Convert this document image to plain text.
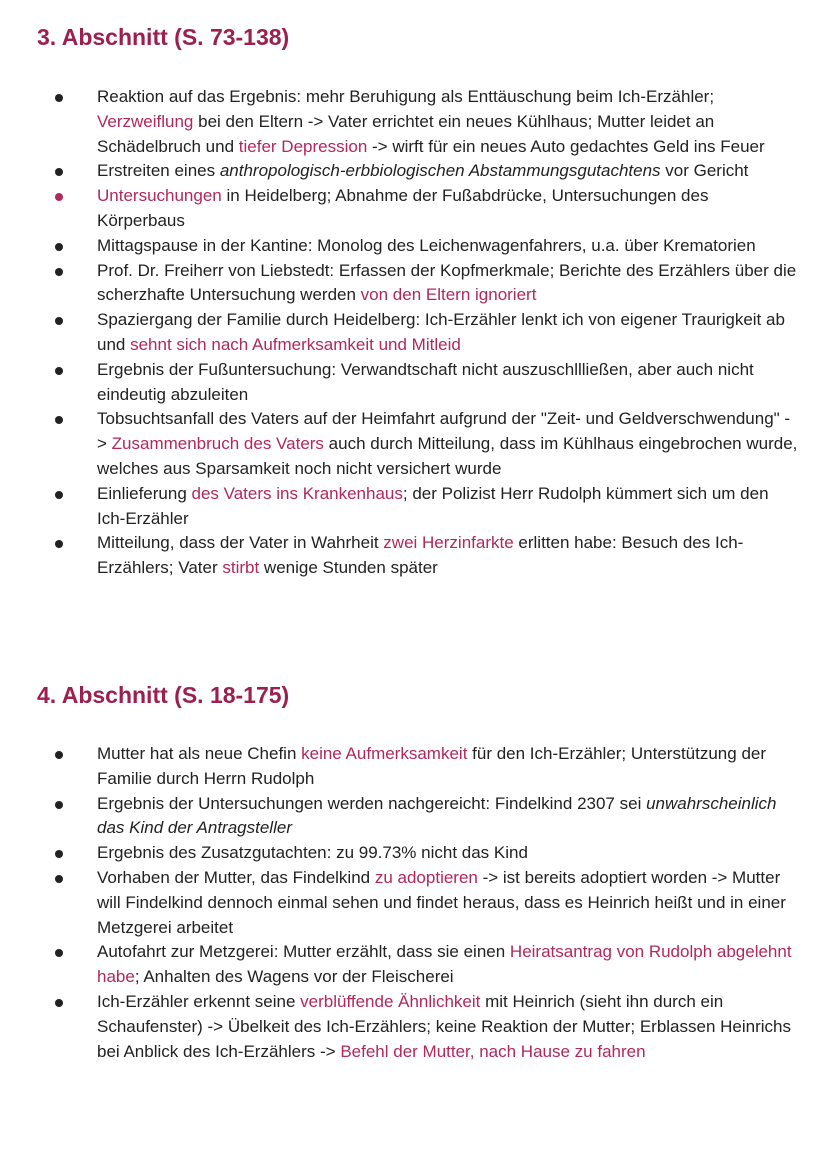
3. Abschnitt (S. 73-138)
Reaktion auf das Ergebnis: mehr Beruhigung als Enttäuschung beim Ich-Erzähler; Verzweiflung bei den Eltern -> Vater errichtet ein neues Kühlhaus; Mutter leidet an Schädelbruch und tiefer Depression -> wirft für ein neues Auto gedachtes Geld ins Feuer
Erstreiten eines anthropologisch-erbbiologischen Abstammungsgutachtens vor Gericht
Untersuchungen in Heidelberg; Abnahme der Fußabdrücke, Untersuchungen des Körperbaus
Mittagspause in der Kantine: Monolog des Leichenwagenfahrers, u.a. über Krematorien
Prof. Dr. Freiherr von Liebstedt: Erfassen der Kopfmerkmale; Berichte des Erzählers über die scherzhafte Untersuchung werden von den Eltern ignoriert
Spaziergang der Familie durch Heidelberg: Ich-Erzähler lenkt ich von eigener Traurigkeit ab und sehnt sich nach Aufmerksamkeit und Mitleid
Ergebnis der Fußuntersuchung: Verwandtschaft nicht auszuschllließen, aber auch nicht eindeutig abzuleiten
Tobsuchtsanfall des Vaters auf der Heimfahrt aufgrund der "Zeit- und Geldverschwendung" -> Zusammenbruch des Vaters auch durch Mitteilung, dass im Kühlhaus eingebrochen wurde, welches aus Sparsamkeit noch nicht versichert wurde
Einlieferung des Vaters ins Krankenhaus; der Polizist Herr Rudolph kümmert sich um den Ich-Erzähler
Mitteilung, dass der Vater in Wahrheit zwei Herzinfarkte erlitten habe: Besuch des Ich-Erzählers; Vater stirbt wenige Stunden später
4. Abschnitt (S. 18-175)
Mutter hat als neue Chefin keine Aufmerksamkeit für den Ich-Erzähler; Unterstützung der Familie durch Herrn Rudolph
Ergebnis der Untersuchungen werden nachgereicht: Findelkind 2307 sei unwahrscheinlich das Kind der Antragsteller
Ergebnis des Zusatzgutachten: zu 99.73% nicht das Kind
Vorhaben der Mutter, das Findelkind zu adoptieren -> ist bereits adoptiert worden -> Mutter will Findelkind dennoch einmal sehen und findet heraus, dass es Heinrich heißt und in einer Metzgerei arbeitet
Autofahrt zur Metzgerei: Mutter erzählt, dass sie einen Heiratsantrag von Rudolph abgelehnt habe; Anhalten des Wagens vor der Fleischerei
Ich-Erzähler erkennt seine verblüffende Ähnlichkeit mit Heinrich (sieht ihn durch ein Schaufenster) -> Übelkeit des Ich-Erzählers; keine Reaktion der Mutter; Erblassen Heinrichs bei Anblick des Ich-Erzählers -> Befehl der Mutter, nach Hause zu fahren
